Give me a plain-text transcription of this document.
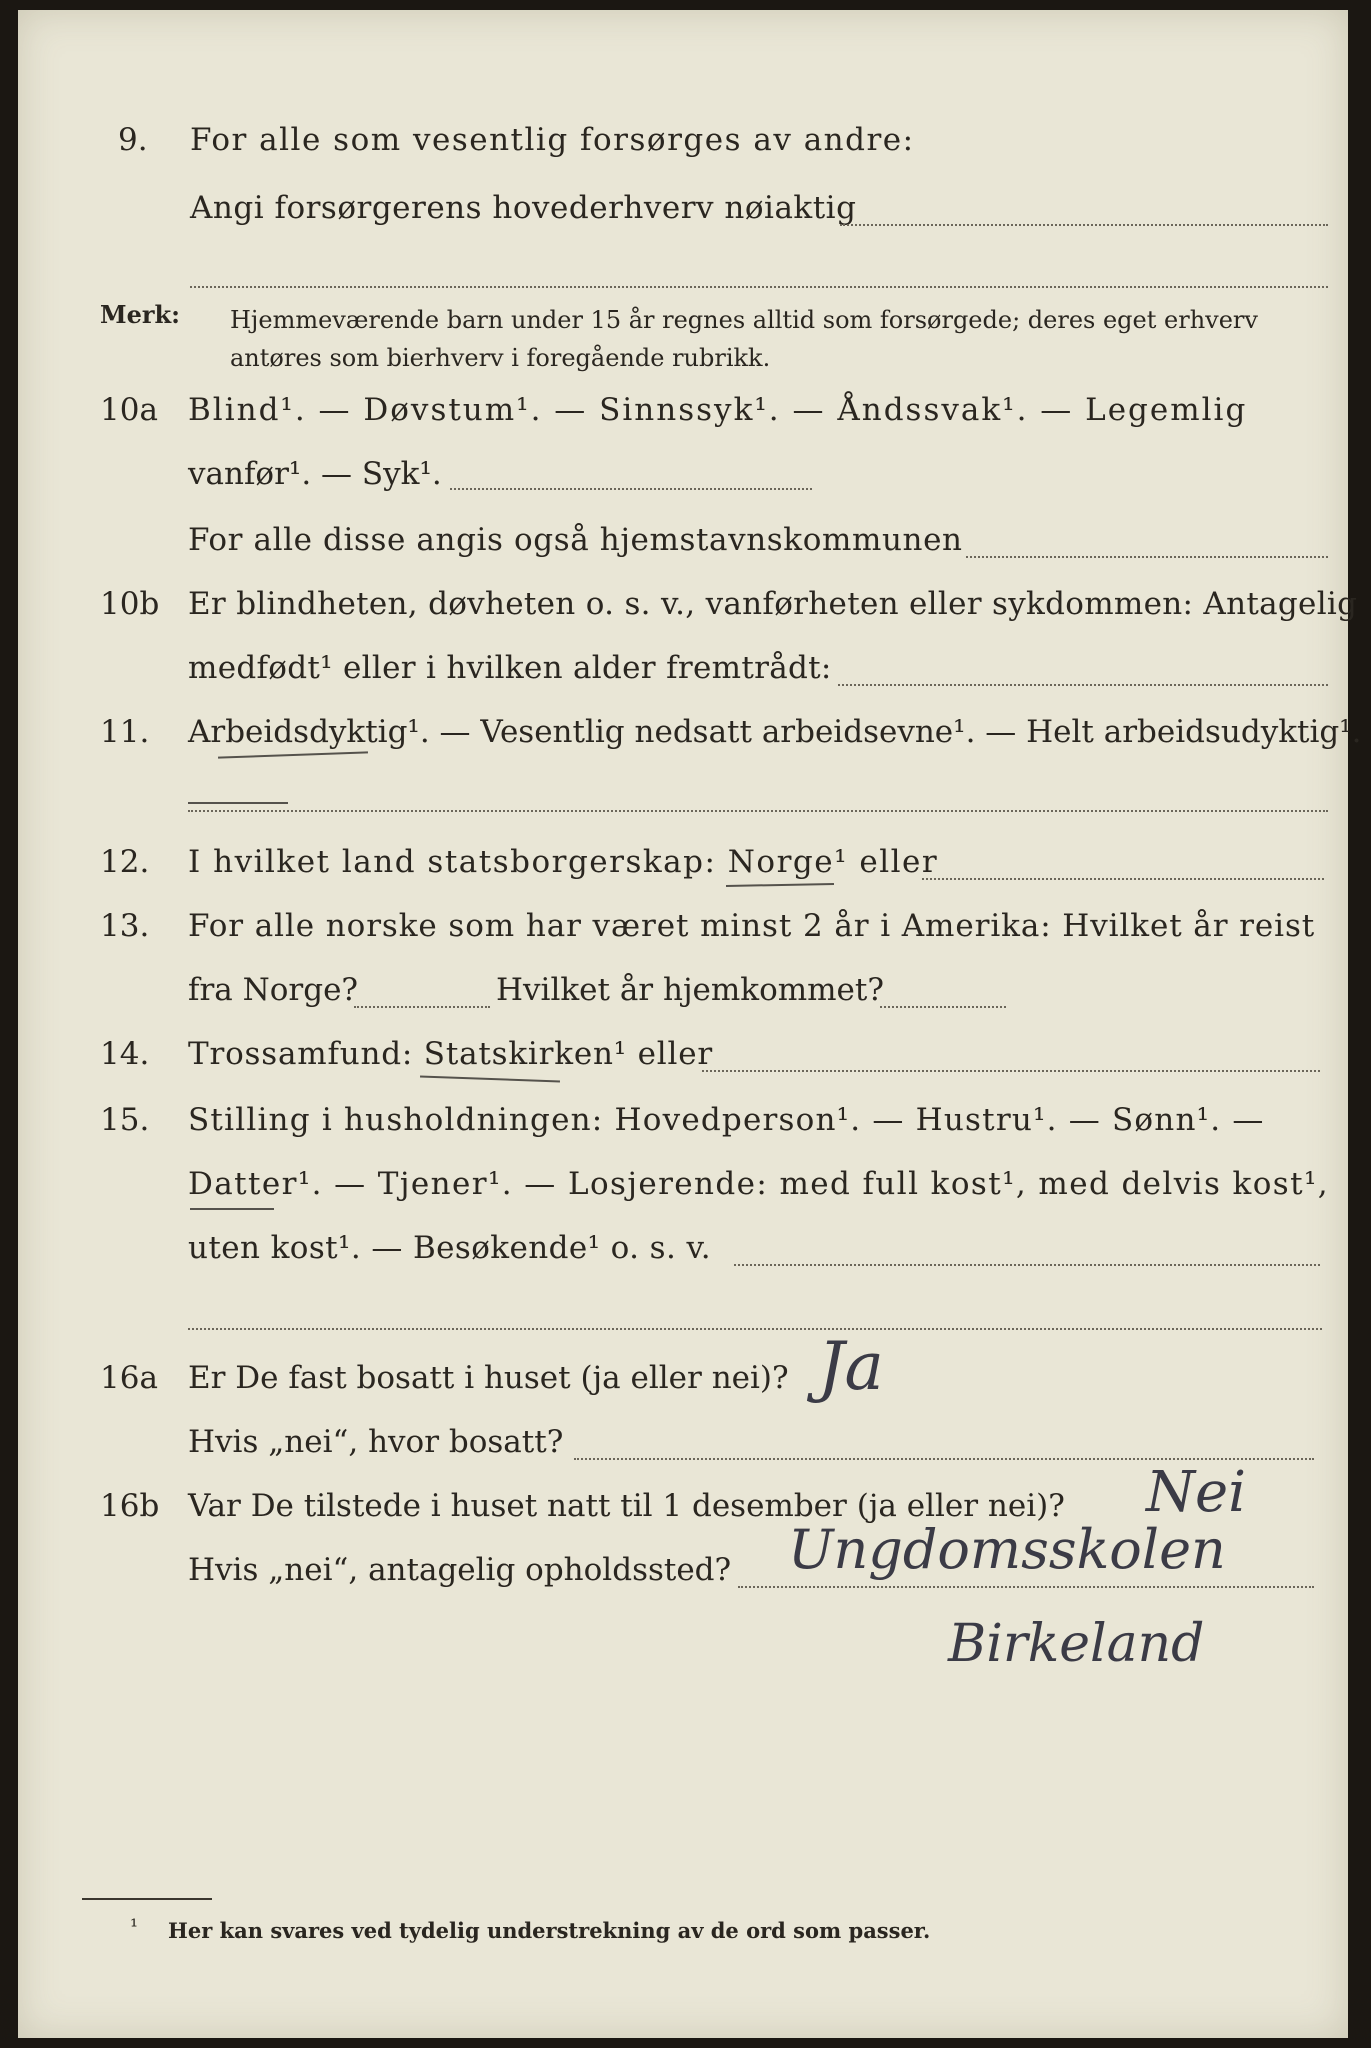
9. For alle som vesentlig forsørges av andre:
Angi forsørgerens hovederhverv nøiaktig
Merk: Hjemmeværende barn under 15 år regnes alltid som forsørgede; deres eget erhverv
antøres som bierhverv i foregående rubrikk.
10a Blind¹. — Døvstum¹. — Sinnssyk¹. — Åndssvak¹. — Legemlig
vanfør¹. — Syk¹.
For alle disse angis også hjemstavnskommunen
10b Er blindheten, døvheten o. s. v., vanførheten eller sykdommen: Antagelig
medfødt¹ eller i hvilken alder fremtrådt:
11. Arbeidsdyktig¹. — Vesentlig nedsatt arbeidsevne¹. — Helt arbeidsudyktig¹.
12. I hvilket land statsborgerskap: Norge¹ eller
13. For alle norske som har været minst 2 år i Amerika: Hvilket år reist
fra Norge?	Hvilket år hjemkommet?
14. Trossamfund: Statskirken¹ eller
15. Stilling i husholdningen: Hovedperson¹. — Hustru¹. — Sønn¹. —
Datter¹. — Tjener¹. — Losjerende: med full kost¹, med delvis kost¹,
uten kost¹. — Besøkende¹ o. s. v.
16a Er De fast bosatt i huset (ja eller nei)? Ja
Hvis „nei“, hvor bosatt?
16b Var De tilstede i huset natt til 1 desember (ja eller nei)? Nei
Hvis „nei“, antagelig opholdssted? Ungdomsskolen
Birkeland
¹ Her kan svares ved tydelig understrekning av de ord som passer.
